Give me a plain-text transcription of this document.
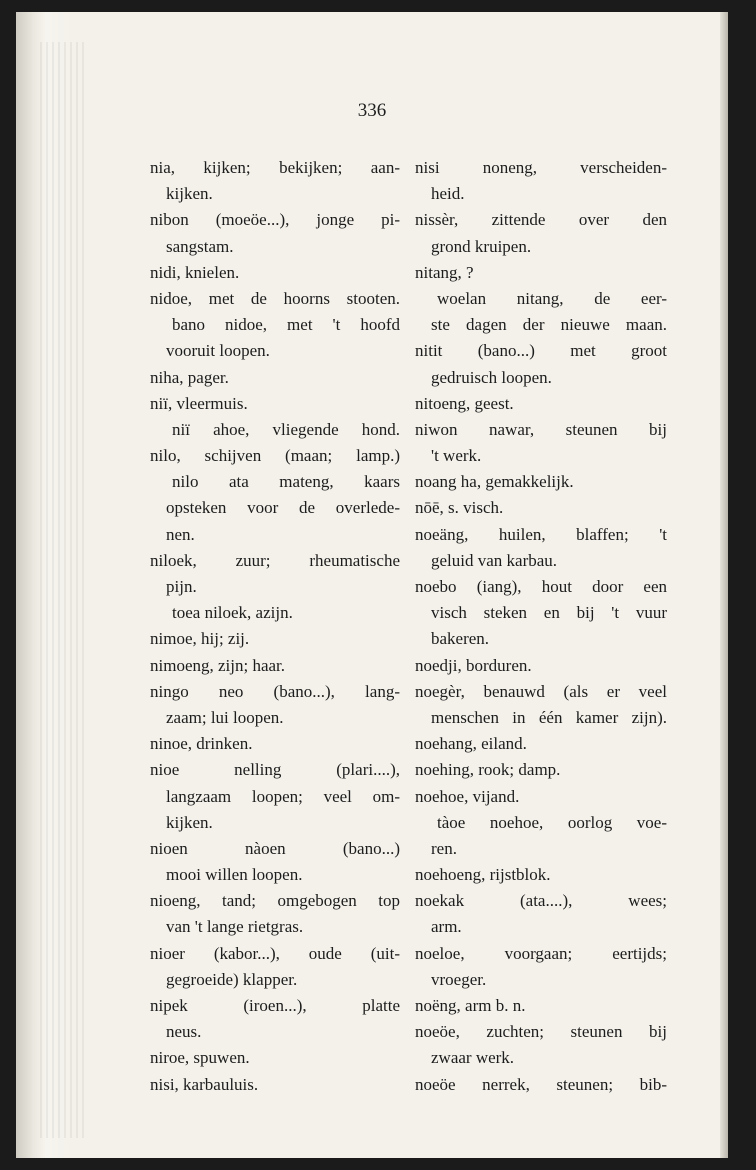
336
nia, kijken; bekijken; aan-
kijken.
nibon (moeöe...), jonge pi-
sangstam.
nidi, knielen.
nidoe, met de hoorns stooten.
bano nidoe, met 't hoofd
vooruit loopen.
niha, pager.
niï, vleermuis.
niï ahoe, vliegende hond.
nilo, schijven (maan; lamp.)
nilo ata mateng, kaars
opsteken voor de overlede-
nen.
niloek, zuur; rheumatische
pijn.
toea niloek, azijn.
nimoe, hij; zij.
nimoeng, zijn; haar.
ningo neo (bano...), lang-
zaam; lui loopen.
ninoe, drinken.
nioe nelling (plari....),
langzaam loopen; veel om-
kijken.
nioen nàoen (bano...)
mooi willen loopen.
nioeng, tand; omgebogen top
van 't lange rietgras.
nioer (kabor...), oude (uit-
gegroeide) klapper.
nipek (iroen...), platte
neus.
niroe, spuwen.
nisi, karbauluis.
nisi noneng, verscheiden-
heid.
nissèr, zittende over den
grond kruipen.
nitang, ?
woelan nitang, de eer-
ste dagen der nieuwe maan.
nitit (bano...) met groot
gedruisch loopen.
nitoeng, geest.
niwon nawar, steunen bij
't werk.
noang ha, gemakkelijk.
nōē, s. visch.
noeäng, huilen, blaffen; 't
geluid van karbau.
noebo (iang), hout door een
visch steken en bij 't vuur
bakeren.
noedji, borduren.
noegèr, benauwd (als er veel
menschen in één kamer zijn).
noehang, eiland.
noehing, rook; damp.
noehoe, vijand.
tàoe noehoe, oorlog voe-
ren.
noehoeng, rijstblok.
noekak (ata....), wees;
arm.
noeloe, voorgaan; eertijds;
vroeger.
noëng, arm b. n.
noeöe, zuchten; steunen bij
zwaar werk.
noeöe nerrek, steunen; bib-
